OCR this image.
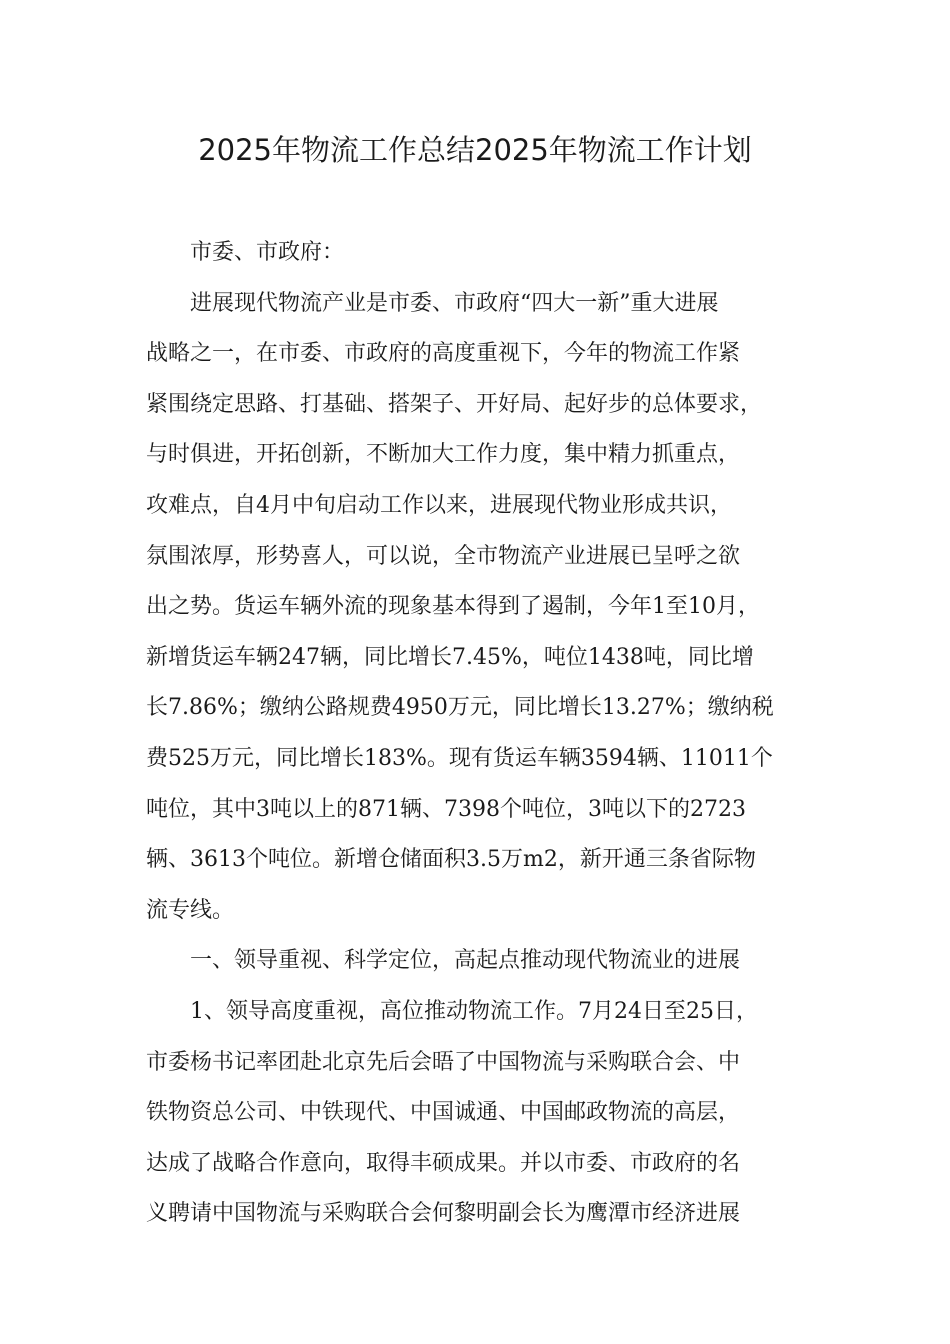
2025年物流工作总结2025年物流工作计划
市委、市政府：
进展现代物流产业是市委、市政府“四大一新”重大进展
战略之一，在市委、市政府的高度重视下，今年的物流工作紧
紧围绕定思路、打基础、搭架子、开好局、起好步的总体要求，
与时俱进，开拓创新，不断加大工作力度，集中精力抓重点，
攻难点，自4月中旬启动工作以来，进展现代物业形成共识，
氛围浓厚，形势喜人，可以说，全市物流产业进展已呈呼之欲
出之势。货运车辆外流的现象基本得到了遏制，今年1至10月，
新增货运车辆247辆，同比增长7.45%，吨位1438吨，同比增
长7.86%；缴纳公路规费4950万元，同比增长13.27%；缴纳税
费525万元，同比增长183%。现有货运车辆3594辆、11011个
吨位，其中3吨以上的871辆、7398个吨位，3吨以下的2723
辆、3613个吨位。新增仓储面积3.5万m2，新开通三条省际物
流专线。
一、领导重视、科学定位，高起点推动现代物流业的进展
1、领导高度重视，高位推动物流工作。7月24日至25日，
市委杨书记率团赴北京先后会晤了中国物流与采购联合会、中
铁物资总公司、中铁现代、中国诚通、中国邮政物流的高层，
达成了战略合作意向，取得丰硕成果。并以市委、市政府的名
义聘请中国物流与采购联合会何黎明副会长为鹰潭市经济进展
